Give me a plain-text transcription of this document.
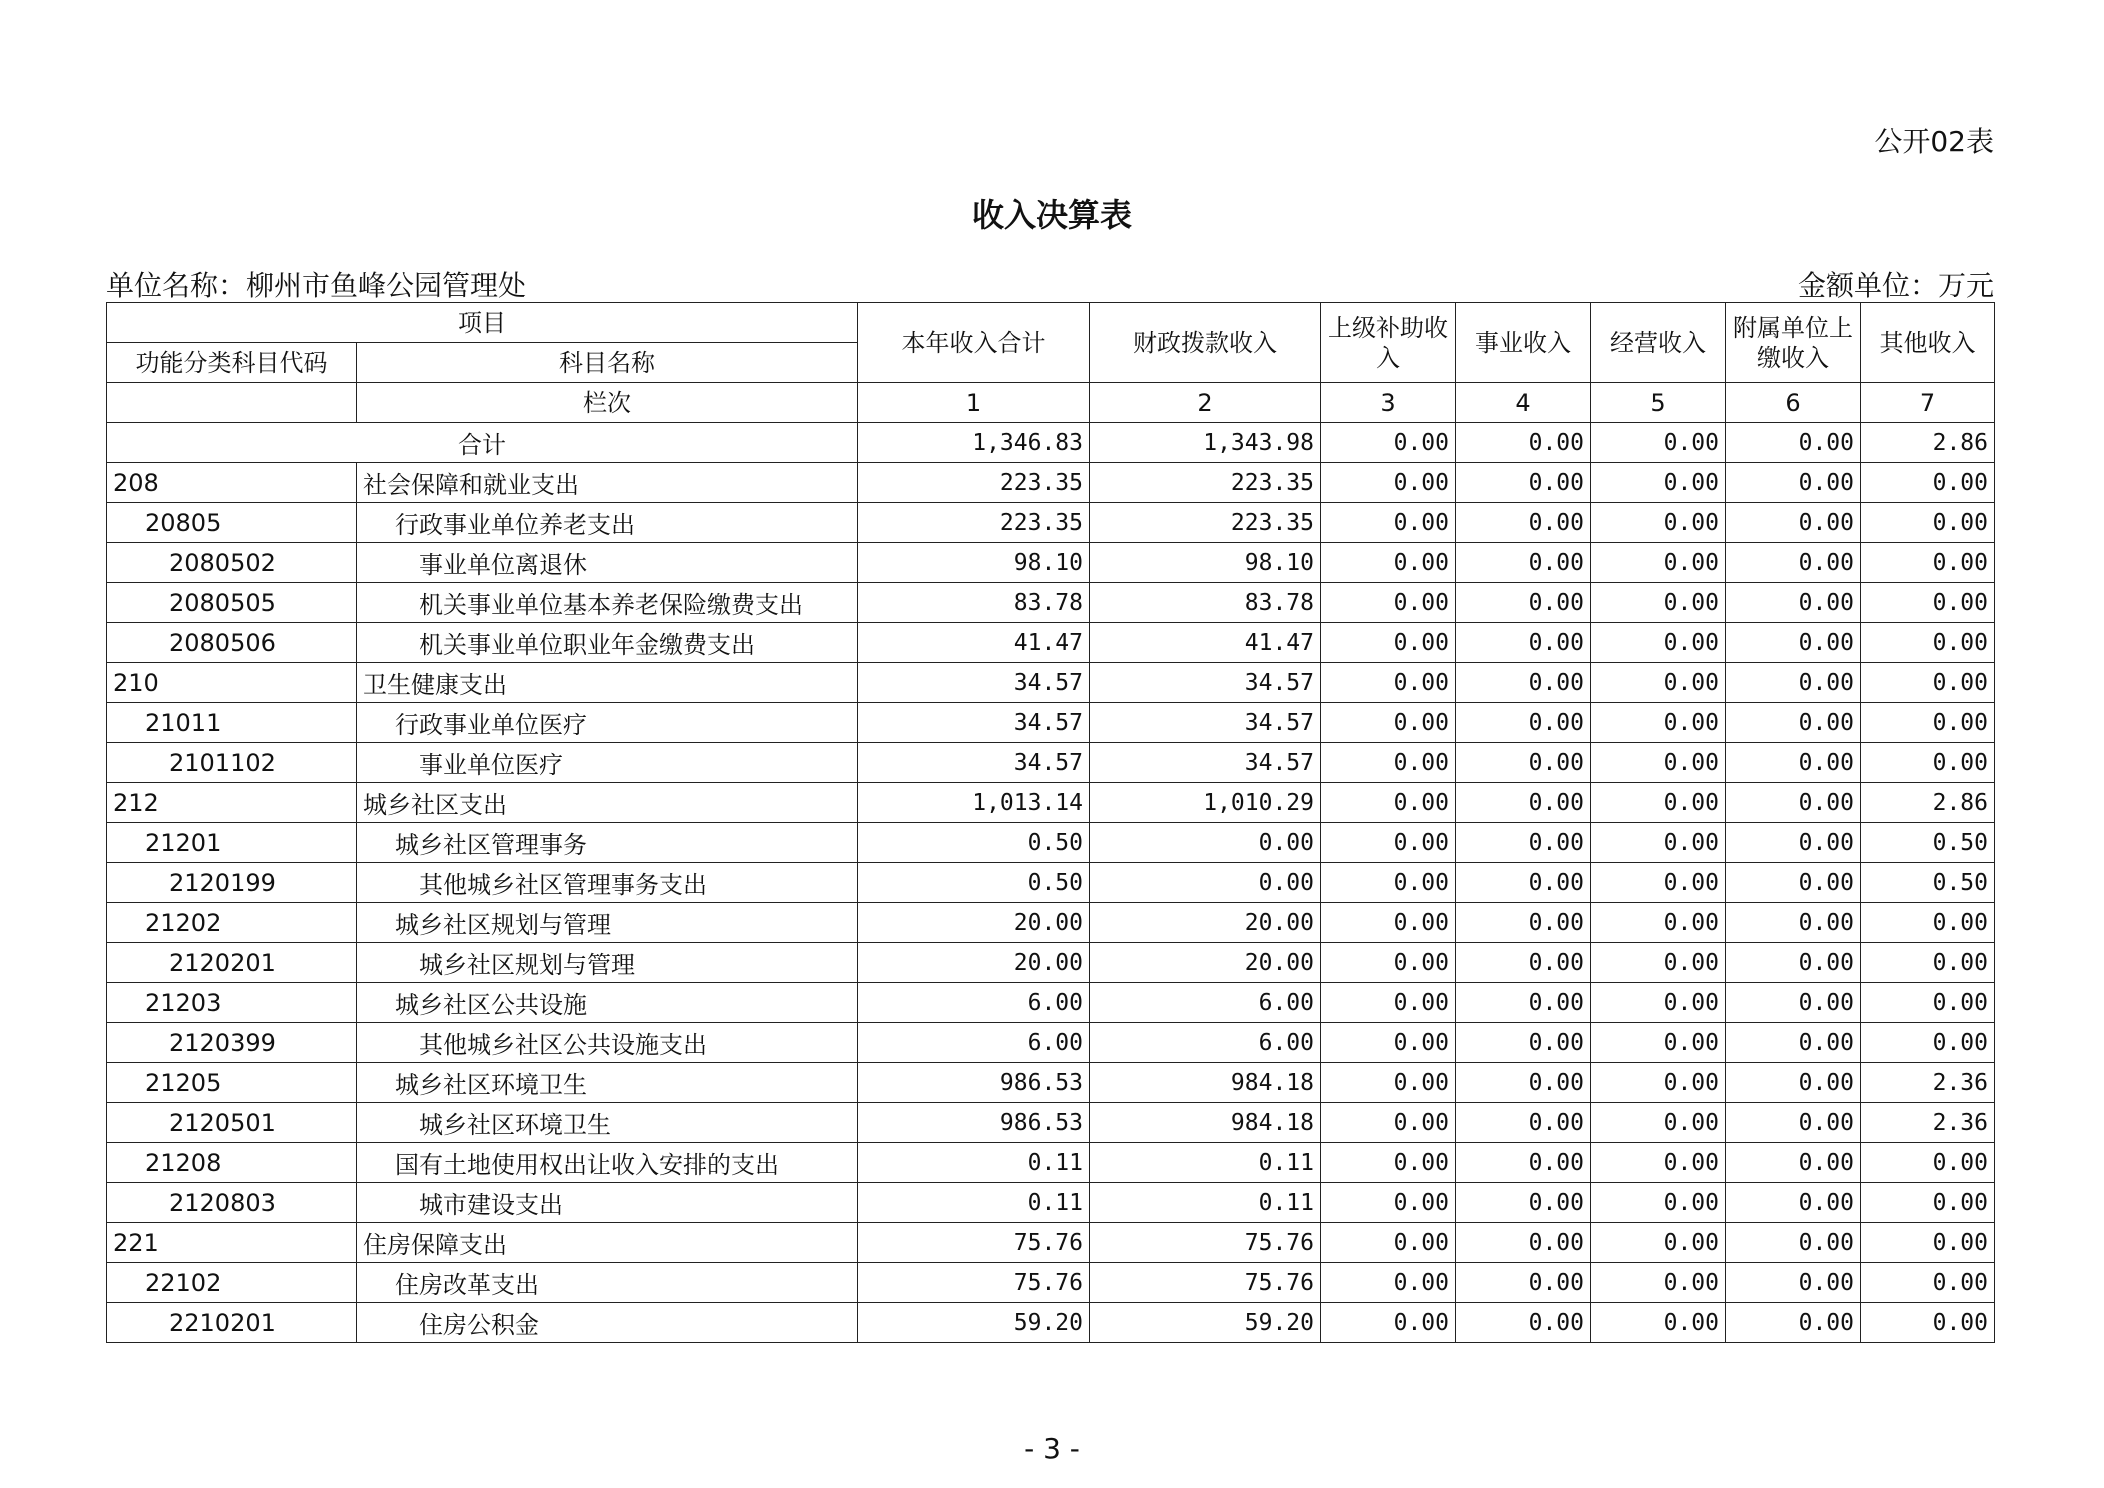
公开02表
收入决算表
单位名称：柳州市鱼峰公园管理处	金额单位：万元
项目		本年收入合计	财政拨款收入	上级补助收入	事业收入	经营收入	附属单位上缴收入	其他收入
功能分类科目代码	科目名称							
	栏次	1	2	3	4	5	6	7
合计		1,346.83	1,343.98	0.00	0.00	0.00	0.00	2.86
208	社会保障和就业支出	223.35	223.35	0.00	0.00	0.00	0.00	0.00
20805	行政事业单位养老支出	223.35	223.35	0.00	0.00	0.00	0.00	0.00
2080502	事业单位离退休	98.10	98.10	0.00	0.00	0.00	0.00	0.00
2080505	机关事业单位基本养老保险缴费支出	83.78	83.78	0.00	0.00	0.00	0.00	0.00
2080506	机关事业单位职业年金缴费支出	41.47	41.47	0.00	0.00	0.00	0.00	0.00
210	卫生健康支出	34.57	34.57	0.00	0.00	0.00	0.00	0.00
21011	行政事业单位医疗	34.57	34.57	0.00	0.00	0.00	0.00	0.00
2101102	事业单位医疗	34.57	34.57	0.00	0.00	0.00	0.00	0.00
212	城乡社区支出	1,013.14	1,010.29	0.00	0.00	0.00	0.00	2.86
21201	城乡社区管理事务	0.50	0.00	0.00	0.00	0.00	0.00	0.50
2120199	其他城乡社区管理事务支出	0.50	0.00	0.00	0.00	0.00	0.00	0.50
21202	城乡社区规划与管理	20.00	20.00	0.00	0.00	0.00	0.00	0.00
2120201	城乡社区规划与管理	20.00	20.00	0.00	0.00	0.00	0.00	0.00
21203	城乡社区公共设施	6.00	6.00	0.00	0.00	0.00	0.00	0.00
2120399	其他城乡社区公共设施支出	6.00	6.00	0.00	0.00	0.00	0.00	0.00
21205	城乡社区环境卫生	986.53	984.18	0.00	0.00	0.00	0.00	2.36
2120501	城乡社区环境卫生	986.53	984.18	0.00	0.00	0.00	0.00	2.36
21208	国有土地使用权出让收入安排的支出	0.11	0.11	0.00	0.00	0.00	0.00	0.00
2120803	城市建设支出	0.11	0.11	0.00	0.00	0.00	0.00	0.00
221	住房保障支出	75.76	75.76	0.00	0.00	0.00	0.00	0.00
22102	住房改革支出	75.76	75.76	0.00	0.00	0.00	0.00	0.00
2210201	住房公积金	59.20	59.20	0.00	0.00	0.00	0.00	0.00
- 3 -
